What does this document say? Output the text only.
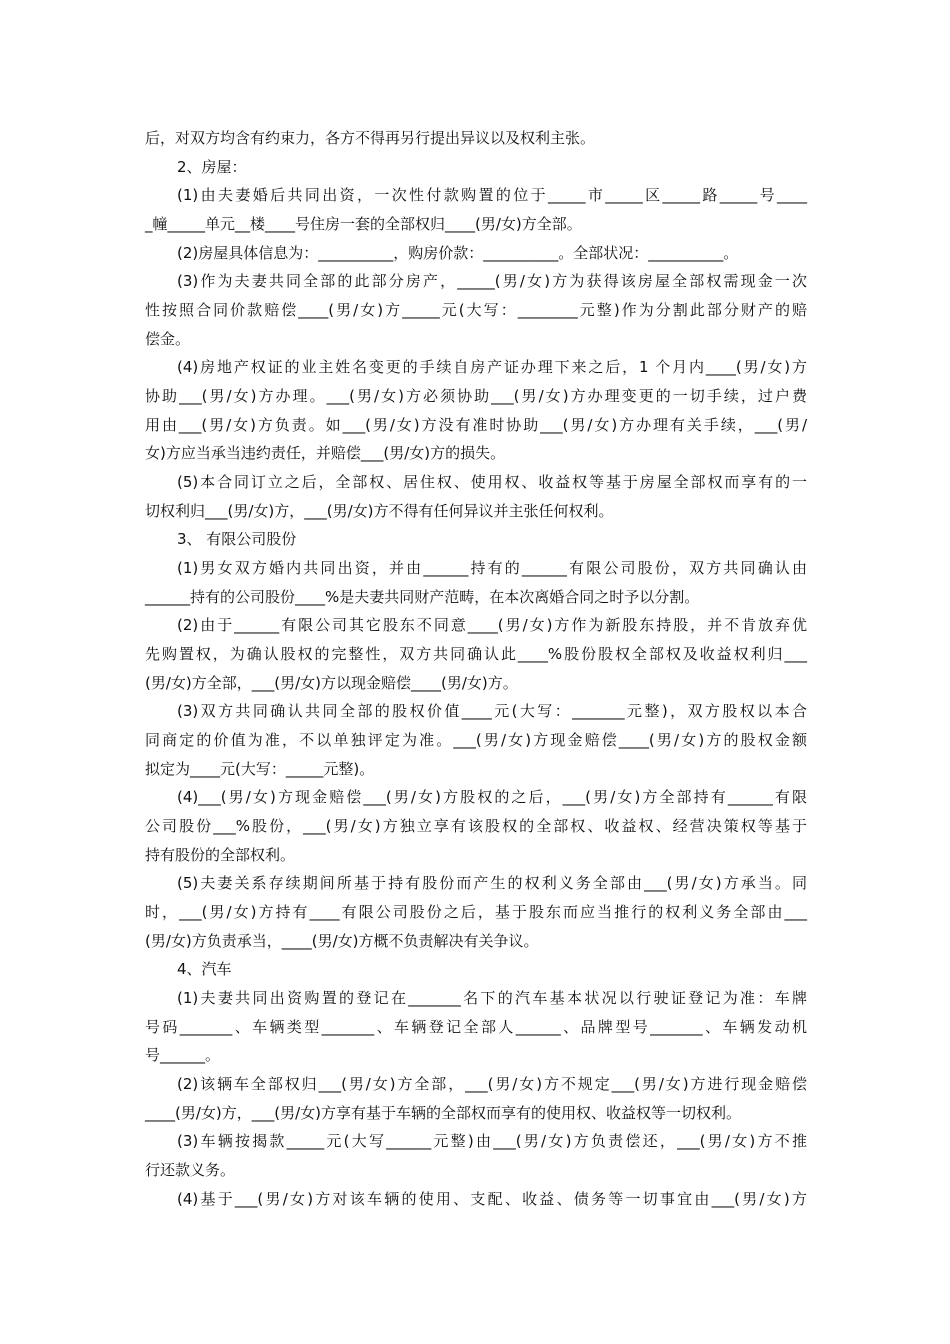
后，对双方均含有约束力，各方不得再另行提出异议以及权利主张。
2、房屋：
(1)由夫妻婚后共同出资，一次性付款购置的位于_____市_____区_____路_____号____
_幢_____单元__楼____号住房一套的全部权归____(男/女)方全部。
(2)房屋具体信息为：__________，购房价款：__________。全部状况：__________。
(3)作为夫妻共同全部的此部分房产，_____(男/女)方为获得该房屋全部权需现金一次
性按照合同价款赔偿____(男/女)方_____元(大写：________元整)作为分割此部分财产的赔
偿金。
(4)房地产权证的业主姓名变更的手续自房产证办理下来之后，1 个月内____(男/女)方
协助___(男/女)方办理。___(男/女)方必须协助___(男/女)方办理变更的一切手续，过户费
用由___(男/女)方负责。如___(男/女)方没有准时协助___(男/女)方办理有关手续，___(男/
女)方应当承当违约责任，并赔偿___(男/女)方的损失。
(5)本合同订立之后，全部权、居住权、使用权、收益权等基于房屋全部权而享有的一
切权利归___(男/女)方，___(男/女)方不得有任何异议并主张任何权利。
3、 有限公司股份
(1)男女双方婚内共同出资，并由______持有的______有限公司股份，双方共同确认由
______持有的公司股份____%是夫妻共同财产范畴，在本次离婚合同之时予以分割。
(2)由于______有限公司其它股东不同意____(男/女)方作为新股东持股，并不肯放弃优
先购置权，为确认股权的完整性，双方共同确认此____%股份股权全部权及收益权利归___
(男/女)方全部，___(男/女)方以现金赔偿____(男/女)方。
(3)双方共同确认共同全部的股权价值____元(大写：_______元整)，双方股权以本合
同商定的价值为准，不以单独评定为准。___(男/女)方现金赔偿____(男/女)方的股权金额
拟定为____元(大写：_____元整)。
(4)___(男/女)方现金赔偿___(男/女)方股权的之后，___(男/女)方全部持有______有限
公司股份___%股份，___(男/女)方独立享有该股权的全部权、收益权、经营决策权等基于
持有股份的全部权利。
(5)夫妻关系存续期间所基于持有股份而产生的权利义务全部由___(男/女)方承当。同
时，___(男/女)方持有____有限公司股份之后，基于股东而应当推行的权利义务全部由___
(男/女)方负责承当，____(男/女)方概不负责解决有关争议。
4、汽车
(1)夫妻共同出资购置的登记在_______名下的汽车基本状况以行驶证登记为准：车牌
号码_______、车辆类型_______、车辆登记全部人______、品牌型号_______、车辆发动机
号______。
(2)该辆车全部权归___(男/女)方全部，___(男/女)方不规定___(男/女)方进行现金赔偿
____(男/女)方，___(男/女)方享有基于车辆的全部权而享有的使用权、收益权等一切权利。
(3)车辆按揭款_____元(大写______元整)由___(男/女)方负责偿还，___(男/女)方不推
行还款义务。
(4)基于___(男/女)方对该车辆的使用、支配、收益、债务等一切事宜由___(男/女)方
